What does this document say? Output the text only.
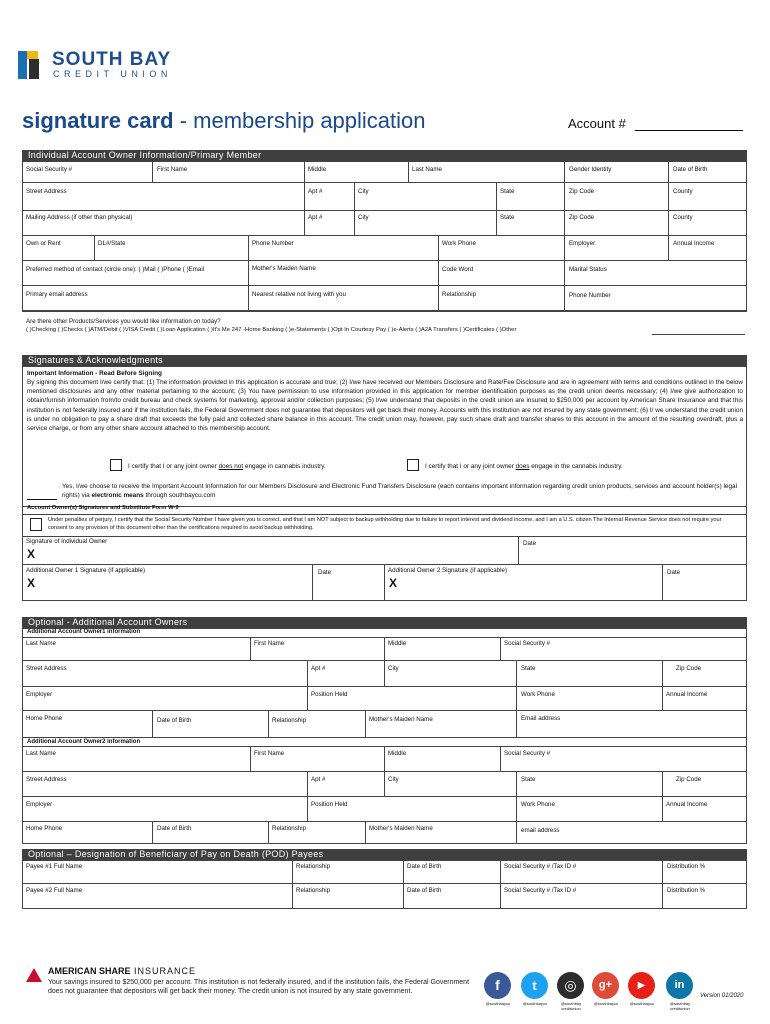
SOUTH BAY
CREDIT UNION
signature card - membership application	Account #
Individual Account Owner Information/Primary Member
Social Security #	First Name	Middle	Last Name	Gender Identity	Date of Birth
Street Address	Apt #	City	State	Zip Code	County
Mailing Address (if other than physical)	Apt #	City	State	Zip Code	County
Own or Rent	DL#/State	Phone Number	Work Phone	Employer	Annual Income
Preferred method of contact (circle one): ( )Mail ( )Phone ( )Email	Mother's Maiden Name	Code Word	Marital Status
Primary email address	Nearest relative not living with you	Relationship	Phone Number
Are there other Products/Services you would like information on today?
( )Checking ( )Checks ( )ATM/Debit ( )VISA Credit ( )Loan Application ( )It's Me 247 -Home Banking ( )e-Statements ( )Opt In Courtesy Pay ( )e-Alerts ( )A2A Transfers ( )Certificates ( )Other
Signatures & Acknowledgments
Important Information - Read Before Signing
By signing this document I/we certify that: (1) The information provided in this application is accurate and true; (2) I/we have received our Members Disclosure and Rate/Fee Disclosure and are in agreement with terms and conditions outlined in the below mentioned disclosures and any other material pertaining to the account; (3) You have permission to use information provided in this application for member identification purposes as the credit union deems necessary; (4) I/we give authorization to obtain/furnish information from/to credit bureau and check systems for marketing, approval and/or collection purposes; (5) I/we understand that deposits in the credit union are insured to $250,000 per account by American Share Insurance and that this institution is not federally insured and if the institution fails, the Federal Government does not guarantee that depositors will get back their money. Accounts with this institution are not insured by any state government; (6) I/ we understand the credit union is under no obligation to pay a share draft that exceeds the fully paid and collected share balance in this account. The credit union may, however, pay such share draft and transfer shares to this account in the amount of the resulting overdraft, plus a service charge, or from any other share account attached to this membership account.
I certify that I or any joint owner does not engage in cannabis industry.	I certify that I or any joint owner does engage in the cannabis industry.
Yes, I/we choose to receive the Important Account Information for our Members Disclosure and Electronic Fund Transfers Disclosure (each contains important information regarding credit union products, services and account holder(s) legal rights) via electronic means through southbaycu.com
Account Owner(s) Signatures and Substitute Form W-9
Under penalties of perjury, I certify that the Social Security Number I have given you is correct, and that I am NOT subject to backup withholding due to failure to report interest and dividend income, and I am a U.S. citizen The Internal Revenue Service does not require your consent to any provision of this document other than the certifications required to avoid backup withholding.
Signature of Individual Owner
X
Date
Additional Owner 1 Signature (if applicable)
X
Date	Additional Owner 2 Signature (if applicable)
X
Date
Optional - Additional Account Owners
Additional Account Owner1 information
Last Name	First Name	Middle	Social Security #
Street Address	Apt #	City	State	Zip Code
Employer	Position Held	Work Phone	Annual Income
Home Phone	Date of Birth	Relationship	Mother's Maiden Name	Email address
Additional Account Owner2 information
Last Name	First Name	Middle	Social Security #
Street Address	Apt #	City	State	Zip Code
Employer	Position Held	Work Phone	Annual Income
Home Phone	Date of Birth	Relationship	Mother's Maiden Name	email address
Optional – Designation of Beneficiary of Pay on Death (POD) Payees
Payee #1 Full Name	Relationship	Date of Birth	Social Security # /Tax ID #	Distribution %
Payee #2 Full Name	Relationship	Date of Birth	Social Security # /Tax ID #	Distribution %
AMERICAN SHARE INSURANCE
Your savings insured to $250,000 per account. This institution is not federally insured, and if the institution fails, the Federal Government does not guarantee that depositors will get back their money. The credit union is not insured by any state government.	f	t	◎	g+	▶	in
@southbaycu	@southbaycu	@southbay creditunion
@southbaycu	@southbaycu	@southbay creditunion
Version 01/2020
